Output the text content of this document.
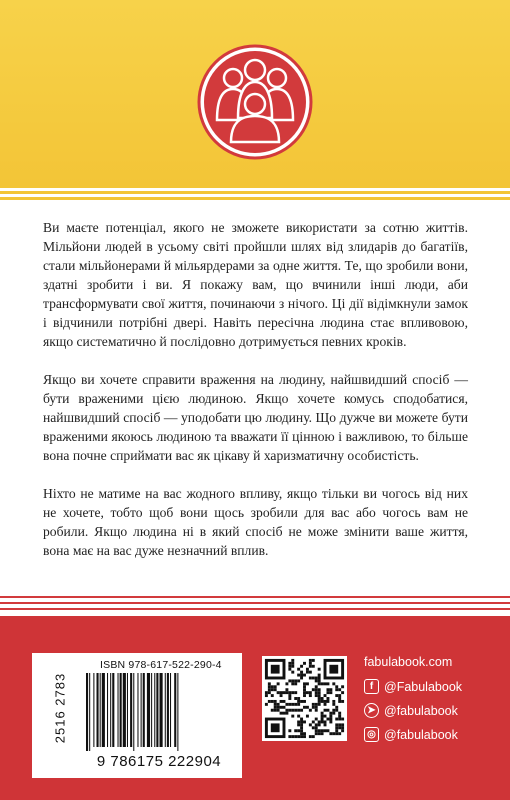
Ви маєте потенціал, якого не зможете використати за сотню життів. Мільйони людей в усьому світі пройшли шлях від злидарів до багатіїв, стали мільйонерами й мільярдерами за одне життя. Те, що зробили вони, здатні зробити і ви. Я покажу вам, що вчинили інші люди, аби трансформувати свої життя, починаючи з нічого. Ці дії відімкнули замок і відчинили потрібні двері. Навіть пересічна людина стає впливовою, якщо систематично й послідовно дотримується певних кроків.

Якщо ви хочете справити враження на людину, найшвидший спосіб — бути враженими цією людиною. Якщо хочете комусь сподобатися, найшвидший спосіб — уподобати цю людину. Що дужче ви можете бути враженими якоюсь людиною та вважати її цінною і важливою, то більше вона почне сприймати вас як цікаву й харизматичну особистість.

Ніхто не матиме на вас жодного впливу, якщо тільки ви чогось від них не хочете, тобто щоб вони щось зробили для вас або чогось вам не робили. Якщо людина ні в який спосіб не може змінити ваше життя, вона має на вас дуже незначний вплив.

ISBN 978-617-522-290-4
2516 2783
9 786175 222904
fabulabook.com
f @Fabulabook
➤ @fabulabook
◎ @fabulabook
